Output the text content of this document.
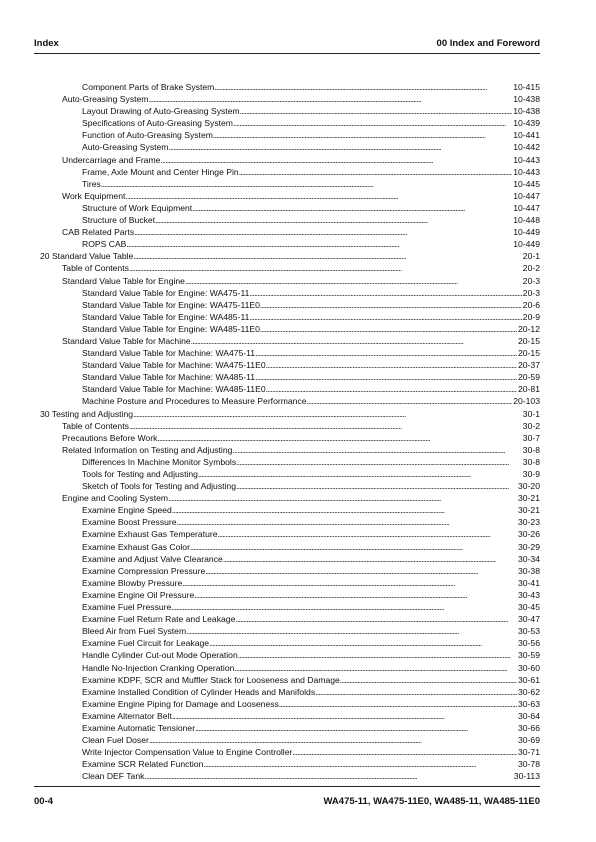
Index	00 Index and Foreword
Component Parts of Brake System . . .	10-415
Auto-Greasing System . . .	10-438
Layout Drawing of Auto-Greasing System . . .	10-438
Specifications of Auto-Greasing System . . .	10-439
Function of Auto-Greasing System . . .	10-441
Auto-Greasing System . . .	10-442
Undercarriage and Frame . . .	10-443
Frame, Axle Mount and Center Hinge Pin . . .	10-443
Tires . . .	10-445
Work Equipment . . .	10-447
Structure of Work Equipment . . .	10-447
Structure of Bucket . . .	10-448
CAB Related Parts . . .	10-449
ROPS CAB . . .	10-449
20 Standard Value Table . . .	20-1
Table of Contents . . .	20-2
Standard Value Table for Engine . . .	20-3
Standard Value Table for Engine: WA475-11 . . .	20-3
Standard Value Table for Engine: WA475-11E0 . . .	20-6
Standard Value Table for Engine: WA485-11 . . .	20-9
Standard Value Table for Engine: WA485-11E0 . . .	20-12
Standard Value Table for Machine . . .	20-15
Standard Value Table for Machine: WA475-11 . . .	20-15
Standard Value Table for Machine: WA475-11E0 . . .	20-37
Standard Value Table for Machine: WA485-11 . . .	20-59
Standard Value Table for Machine: WA485-11E0 . . .	20-81
Machine Posture and Procedures to Measure Performance . . .	20-103
30 Testing and Adjusting . . .	30-1
Table of Contents . . .	30-2
Precautions Before Work . . .	30-7
Related Information on Testing and Adjusting . . .	30-8
Differences In Machine Monitor Symbols . . .	30-8
Tools for Testing and Adjusting . . .	30-9
Sketch of Tools for Testing and Adjusting . . .	30-20
Engine and Cooling System . . .	30-21
Examine Engine Speed . . .	30-21
Examine Boost Pressure . . .	30-23
Examine Exhaust Gas Temperature . . .	30-26
Examine Exhaust Gas Color . . .	30-29
Examine and Adjust Valve Clearance . . .	30-34
Examine Compression Pressure . . .	30-38
Examine Blowby Pressure . . .	30-41
Examine Engine Oil Pressure . . .	30-43
Examine Fuel Pressure . . .	30-45
Examine Fuel Return Rate and Leakage . . .	30-47
Bleed Air from Fuel System . . .	30-53
Examine Fuel Circuit for Leakage . . .	30-56
Handle Cylinder Cut-out Mode Operation . . .	30-59
Handle No-Injection Cranking Operation . . .	30-60
Examine KDPF, SCR and Muffler Stack for Looseness and Damage . . .	30-61
Examine Installed Condition of Cylinder Heads and Manifolds . . .	30-62
Examine Engine Piping for Damage and Looseness . . .	30-63
Examine Alternator Belt . . .	30-64
Examine Automatic Tensioner . . .	30-66
Clean Fuel Doser . . .	30-69
Write Injector Compensation Value to Engine Controller . . .	30-71
Examine SCR Related Function . . .	30-78
Clean DEF Tank . . .	30-113
00-4	WA475-11, WA475-11E0, WA485-11, WA485-11E0
